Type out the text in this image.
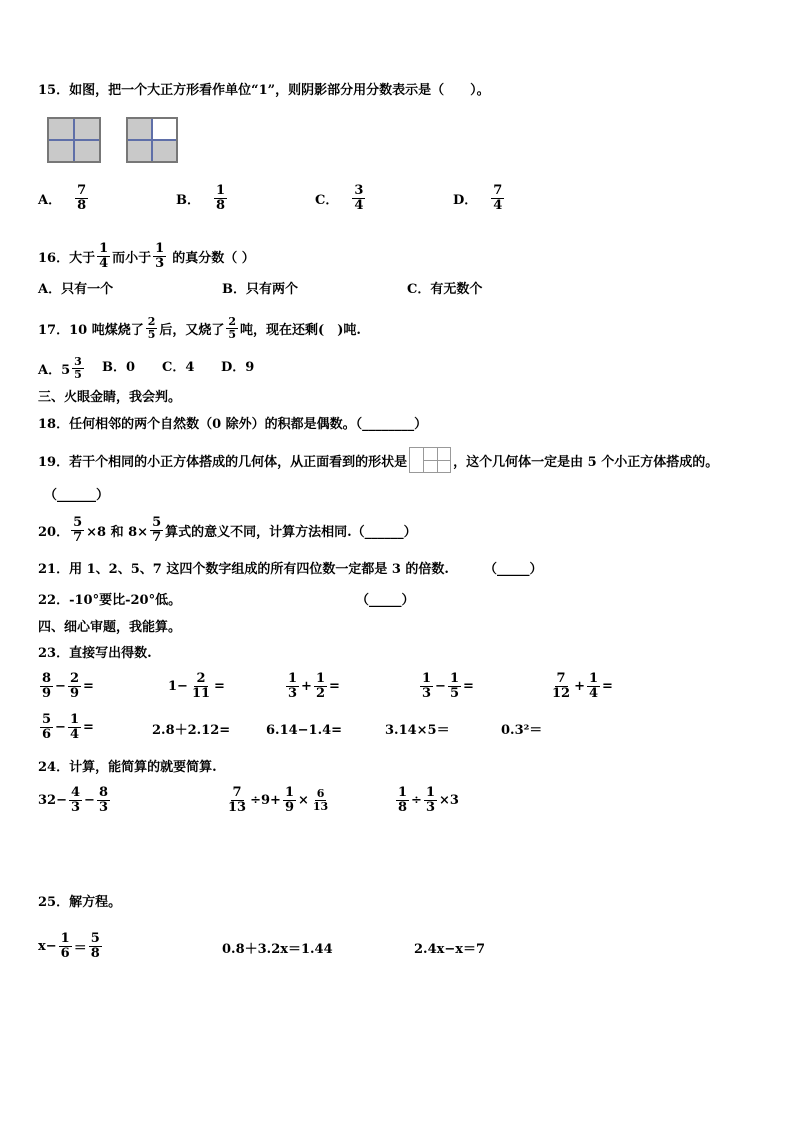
15．如图，把一个大正方形看作单位“1”，则阴影部分用分数表示是（　　）。
A． $\frac{7}{8}$	B． $\frac{1}{8}$	C． $\frac{3}{4}$	D． $\frac{7}{4}$
16．大于 $\frac{1}{4}$ 而小于 $\frac{1}{3}$ 的真分数（ ）
A．只有一个	B．只有两个	C．有无数个
17．10 吨煤烧了 $\frac{2}{5}$ 后，又烧了 $\frac{2}{5}$ 吨，现在还剩(　)吨.
A．$5 \frac{3}{5}$ B．0 C．4 D．9
三、火眼金睛，我会判。
18．任何相邻的两个自然数（0 除外）的积都是偶数。（________）
19．若干个相同的小正方体搭成的几何体，从正面看到的形状是	，这个几何体一定是由 5 个小正方体搭成的。
（______）
20． $\frac{5}{7} \times 8$ 和 $8\times \frac{5}{7}$ 算式的意义不同，计算方法相同.（______）
21．用 1、2、5、7 这四个数字组成的所有四位数一定都是 3 的倍数.	（_____）
22．-10°要比-20°低。	（_____）
四、细心审题，我能算。
23．直接写出得数.
$\frac{8}{9} - \frac{2}{9}$ =	$1- \frac{2}{11}$ =	$\frac{1}{3} + \frac{1}{2}$ =	$\frac{1}{3} - \frac{1}{5}$ =	$\frac{7}{12} + \frac{1}{4}$ =
$\frac{5}{6} - \frac{1}{4}$ =	2.8＋2.12=	6.14−1.4=	3.14×5＝	0.3²＝
24．计算，能简算的就要简算.
$32- \frac{4}{3} - \frac{8}{3}$	$\frac{7}{13} \div 9+ \frac{1}{9} \times \frac{6}{13}$	$\frac{1}{8} \div \frac{1}{3} \times 3$
25．解方程。
$x- \frac{1}{6} = \frac{5}{8}$	0.8＋3.2x＝1.44	2.4x−x＝7
